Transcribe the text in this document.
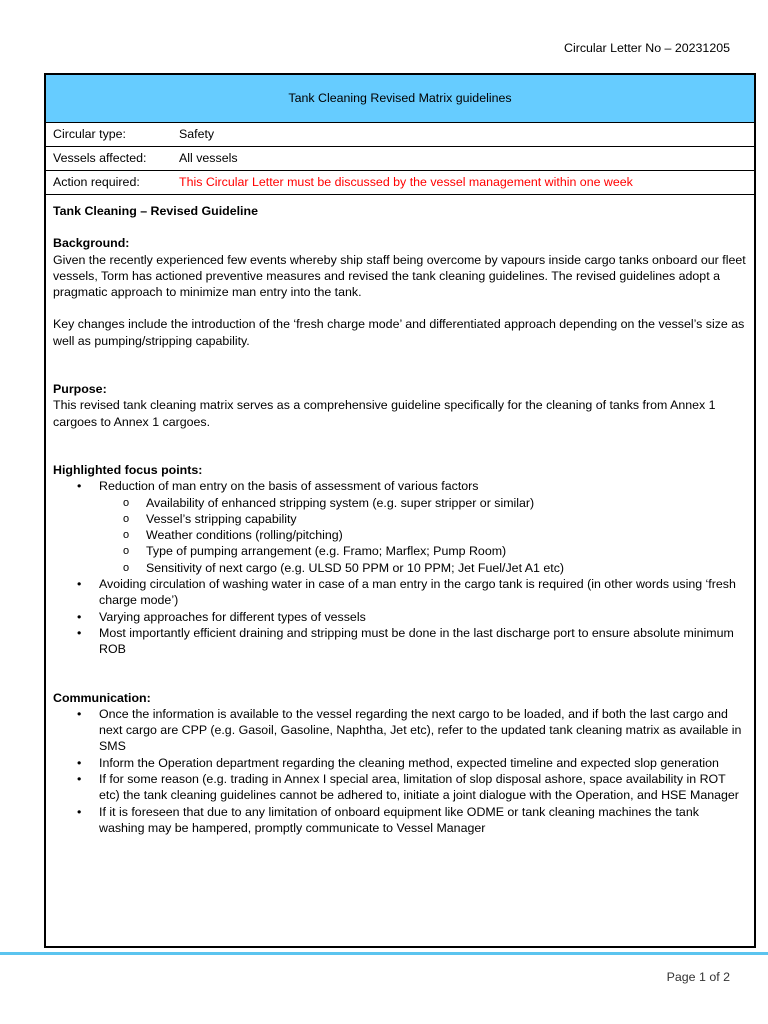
Circular Letter No – 20231205
Tank Cleaning Revised Matrix guidelines
Circular type:	Safety
Vessels affected:	All vessels
Action required:	This Circular Letter must be discussed by the vessel management within one week

Tank Cleaning – Revised Guideline

Background:

Given the recently experienced few events whereby ship staff being overcome by vapours inside cargo tanks onboard our fleet vessels, Torm has actioned preventive measures and revised the tank cleaning guidelines. The revised guidelines adopt a pragmatic approach to minimize man entry into the tank.

Key changes include the introduction of the ‘fresh charge mode’ and differentiated approach depending on the vessel’s size as well as pumping/stripping capability.

Purpose:

This revised tank cleaning matrix serves as a comprehensive guideline specifically for the cleaning of tanks from Annex 1 cargoes to Annex 1 cargoes.

Highlighted focus points:

• Reduction of man entry on the basis of assessment of various factors
o Availability of enhanced stripping system (e.g. super stripper or similar)
o Vessel’s stripping capability
o Weather conditions (rolling/pitching)
o Type of pumping arrangement (e.g. Framo; Marflex; Pump Room)
o Sensitivity of next cargo (e.g. ULSD 50 PPM or 10 PPM; Jet Fuel/Jet A1 etc)
• Avoiding circulation of washing water in case of a man entry in the cargo tank is required (in other words using ‘fresh charge mode’)
• Varying approaches for different types of vessels
• Most importantly efficient draining and stripping must be done in the last discharge port to ensure absolute minimum ROB

Communication:

• Once the information is available to the vessel regarding the next cargo to be loaded, and if both the last cargo and next cargo are CPP (e.g. Gasoil, Gasoline, Naphtha, Jet etc), refer to the updated tank cleaning matrix as available in SMS
• Inform the Operation department regarding the cleaning method, expected timeline and expected slop generation
• If for some reason (e.g. trading in Annex I special area, limitation of slop disposal ashore, space availability in ROT etc) the tank cleaning guidelines cannot be adhered to, initiate a joint dialogue with the Operation, and HSE Manager
• If it is foreseen that due to any limitation of onboard equipment like ODME or tank cleaning machines the tank washing may be hampered, promptly communicate to Vessel Manager
Page 1 of 2
